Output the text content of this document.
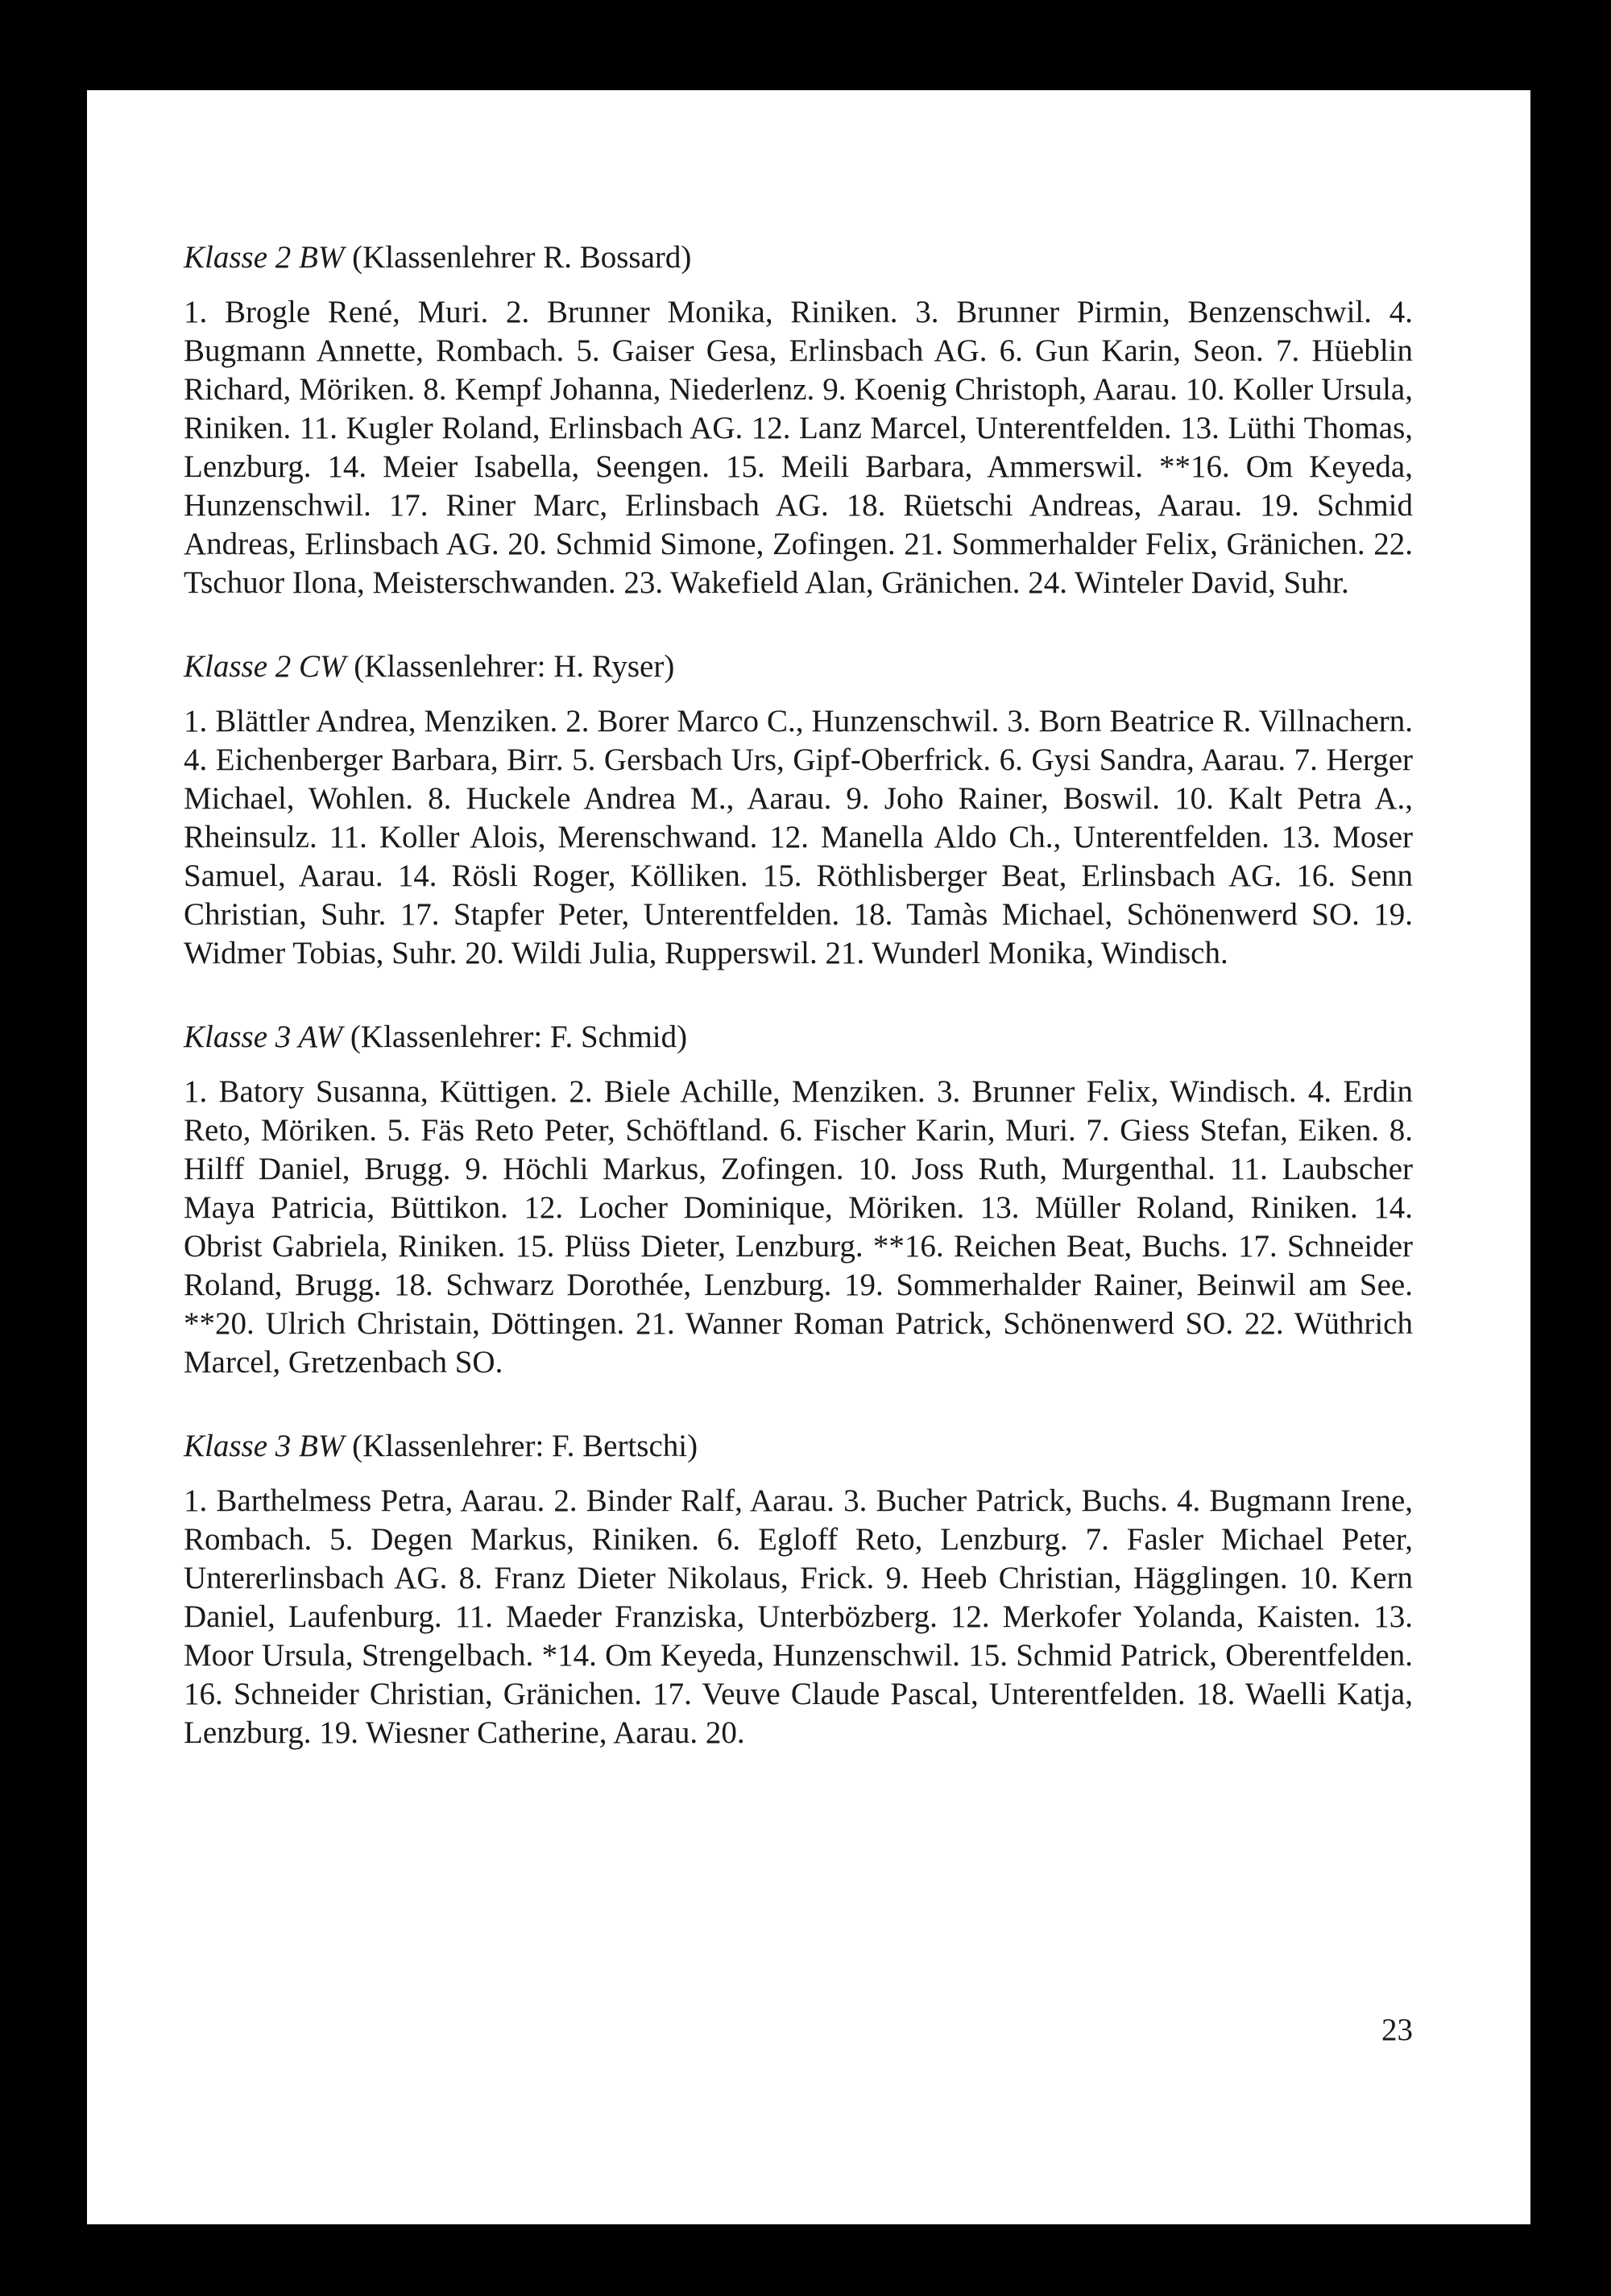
Klasse 2 BW (Klassenlehrer R. Bossard)

1. Brogle René, Muri. 2. Brunner Monika, Riniken. 3. Brunner Pirmin, Benzenschwil. 4. Bugmann Annette, Rombach. 5. Gaiser Gesa, Erlinsbach AG. 6. Gun Karin, Seon. 7. Hüeblin Richard, Möriken. 8. Kempf Johanna, Niederlenz. 9. Koenig Christoph, Aarau. 10. Koller Ursula, Riniken. 11. Kugler Roland, Erlinsbach AG. 12. Lanz Marcel, Unterentfelden. 13. Lüthi Thomas, Lenzburg. 14. Meier Isabella, Seengen. 15. Meili Barbara, Ammerswil. **16. Om Keyeda, Hunzenschwil. 17. Riner Marc, Erlinsbach AG. 18. Rüetschi Andreas, Aarau. 19. Schmid Andreas, Erlinsbach AG. 20. Schmid Simone, Zofingen. 21. Sommerhalder Felix, Gränichen. 22. Tschuor Ilona, Meisterschwanden. 23. Wakefield Alan, Gränichen. 24. Winteler David, Suhr.

Klasse 2 CW (Klassenlehrer: H. Ryser)

1. Blättler Andrea, Menziken. 2. Borer Marco C., Hunzenschwil. 3. Born Beatrice R. Villnachern. 4. Eichenberger Barbara, Birr. 5. Gersbach Urs, Gipf-Oberfrick. 6. Gysi Sandra, Aarau. 7. Herger Michael, Wohlen. 8. Huckele Andrea M., Aarau. 9. Joho Rainer, Boswil. 10. Kalt Petra A., Rheinsulz. 11. Koller Alois, Merenschwand. 12. Manella Aldo Ch., Unterentfelden. 13. Moser Samuel, Aarau. 14. Rösli Roger, Kölliken. 15. Röthlisberger Beat, Erlinsbach AG. 16. Senn Christian, Suhr. 17. Stapfer Peter, Unterentfelden. 18. Tamàs Michael, Schönenwerd SO. 19. Widmer Tobias, Suhr. 20. Wildi Julia, Rupperswil. 21. Wunderl Monika, Windisch.

Klasse 3 AW (Klassenlehrer: F. Schmid)

1. Batory Susanna, Küttigen. 2. Biele Achille, Menziken. 3. Brunner Felix, Windisch. 4. Erdin Reto, Möriken. 5. Fäs Reto Peter, Schöftland. 6. Fischer Karin, Muri. 7. Giess Stefan, Eiken. 8. Hilff Daniel, Brugg. 9. Höchli Markus, Zofingen. 10. Joss Ruth, Murgenthal. 11. Laubscher Maya Patricia, Büttikon. 12. Locher Dominique, Möriken. 13. Müller Roland, Riniken. 14. Obrist Gabriela, Riniken. 15. Plüss Dieter, Lenzburg. **16. Reichen Beat, Buchs. 17. Schneider Roland, Brugg. 18. Schwarz Dorothée, Lenzburg. 19. Sommerhalder Rainer, Beinwil am See. **20. Ulrich Christain, Döttingen. 21. Wanner Roman Patrick, Schönenwerd SO. 22. Wüthrich Marcel, Gretzenbach SO.

Klasse 3 BW (Klassenlehrer: F. Bertschi)

1. Barthelmess Petra, Aarau. 2. Binder Ralf, Aarau. 3. Bucher Patrick, Buchs. 4. Bugmann Irene, Rombach. 5. Degen Markus, Riniken. 6. Egloff Reto, Lenzburg. 7. Fasler Michael Peter, Untererlinsbach AG. 8. Franz Dieter Nikolaus, Frick. 9. Heeb Christian, Hägglingen. 10. Kern Daniel, Laufenburg. 11. Maeder Franziska, Unterbözberg. 12. Merkofer Yolanda, Kaisten. 13. Moor Ursula, Strengelbach. *14. Om Keyeda, Hunzenschwil. 15. Schmid Patrick, Oberentfelden. 16. Schneider Christian, Gränichen. 17. Veuve Claude Pascal, Unterentfelden. 18. Waelli Katja, Lenzburg. 19. Wiesner Catherine, Aarau. 20.

23
